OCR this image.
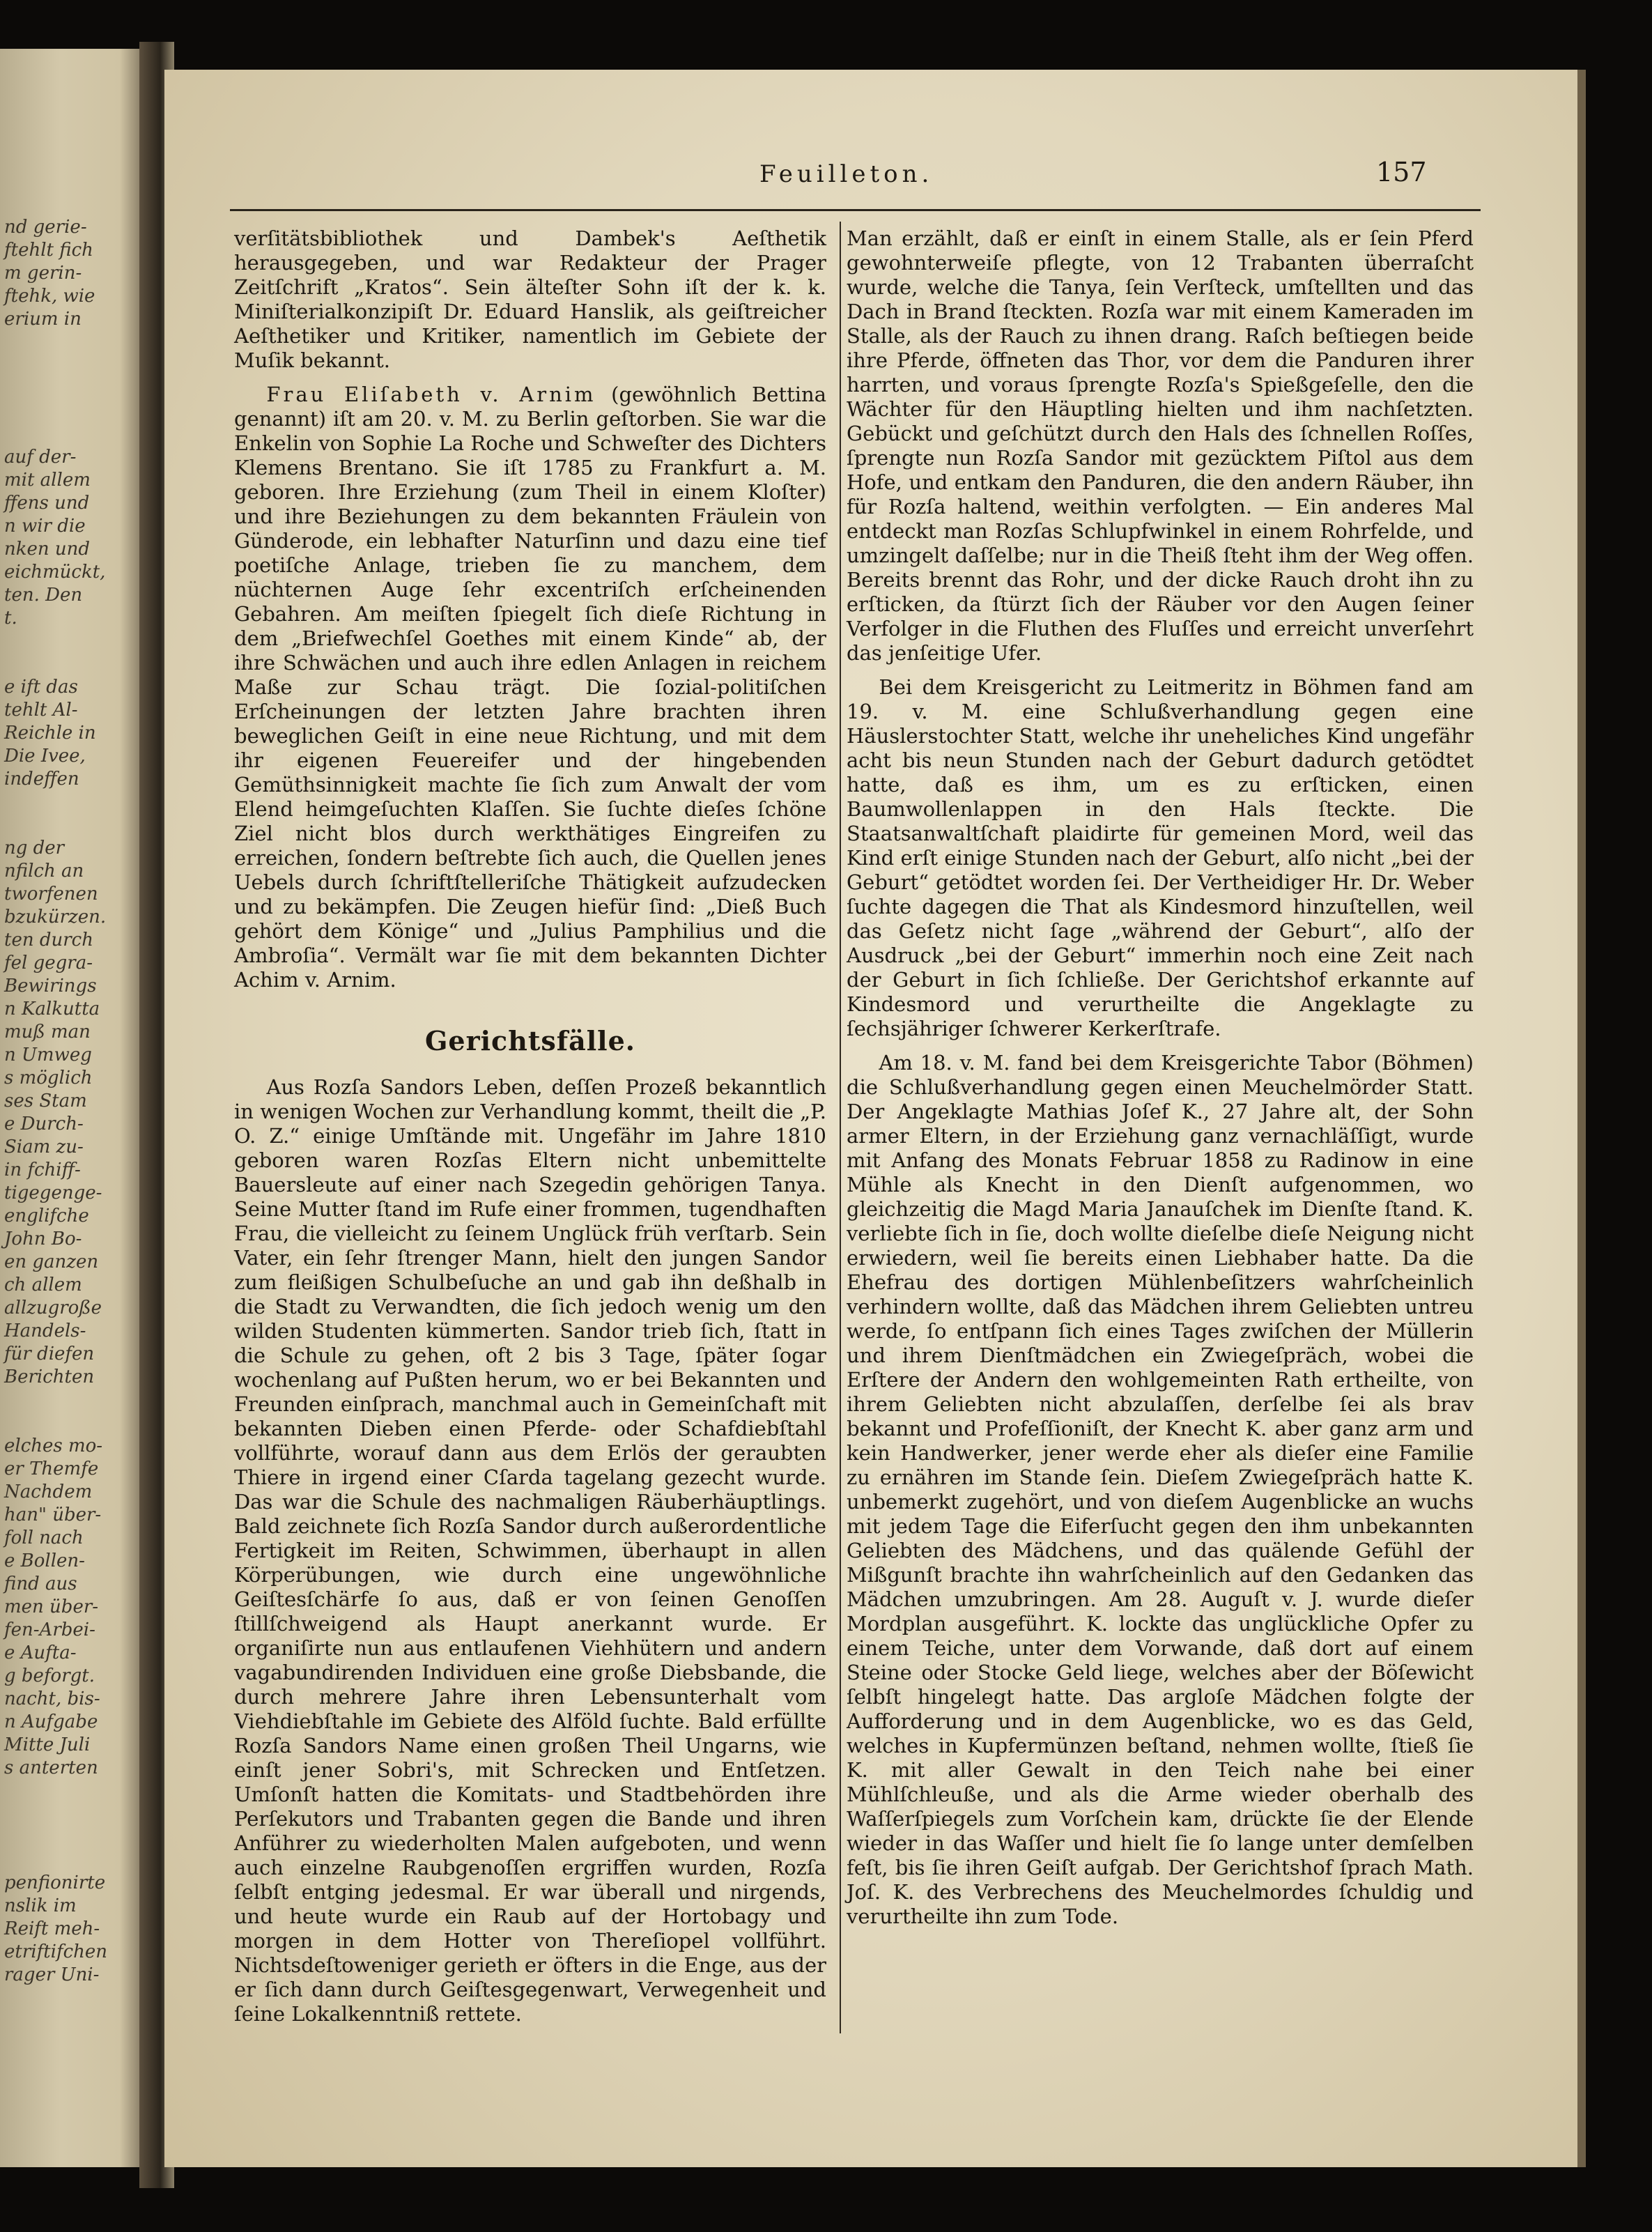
nd gerie-
ftehlt fich
m gerin-
ftehk, wie
erium in
auf der-
mit allem
ffens und
n wir die
nken und
eichmückt,
ten. Den
t.
e ift das
tehlt Al-
Reichle in
Die Ivee,
indeffen
ng der
nfilch an
tworfenen
bzukürzen.
ten durch
fel gegra-
Bewirings
n Kalkutta
muß man
n Umweg
s möglich
ses Stam
e Durch-
Siam zu-
in fchiff-
tigegenge-
englifche
John Bo-
en ganzen
ch allem
allzugroße
Handels-
für diefen
Berichten
elches mo-
er Themfe
Nachdem
han" über-
foll nach
e Bollen-
find aus
men über-
fen-Arbei-
e Aufta-
g beforgt.
nacht, bis-
n Aufgabe
Mitte Juli
s anterten
penfionirte
nslik im
Reift meh-
etriftifchen
rager Uni-
Feuilleton.	157

verſitätsbibliothek und Dambek's Aeſthetik herausgegeben, und war Redakteur der Prager Zeitſchrift „Kratos“. Sein älteſter Sohn iſt der k. k. Miniſterialkonzipiſt Dr. Eduard Hanslik, als geiſtreicher Aeſthetiker und Kritiker, namentlich im Gebiete der Muſik bekannt.

Frau Eliſabeth v. Arnim (gewöhnlich Bettina genannt) iſt am 20. v. M. zu Berlin geſtorben. Sie war die Enkelin von Sophie La Roche und Schweſter des Dichters Klemens Brentano. Sie iſt 1785 zu Frankfurt a. M. geboren. Ihre Erziehung (zum Theil in einem Kloſter) und ihre Beziehungen zu dem bekannten Fräulein von Günderode, ein lebhafter Naturſinn und dazu eine tief poetiſche Anlage, trieben ſie zu manchem, dem nüchternen Auge ſehr excentriſch erſcheinenden Gebahren. Am meiſten ſpiegelt ſich dieſe Richtung in dem „Briefwechſel Goethes mit einem Kinde“ ab, der ihre Schwächen und auch ihre edlen Anlagen in reichem Maße zur Schau trägt. Die ſozial-politiſchen Erſcheinungen der letzten Jahre brachten ihren beweglichen Geiſt in eine neue Richtung, und mit dem ihr eigenen Feuereifer und der hingebenden Gemüthsinnigkeit machte ſie ſich zum Anwalt der vom Elend heimgeſuchten Klaſſen. Sie ſuchte dieſes ſchöne Ziel nicht blos durch werkthätiges Eingreifen zu erreichen, ſondern beſtrebte ſich auch, die Quellen jenes Uebels durch ſchriftſtelleriſche Thätigkeit aufzudecken und zu bekämpfen. Die Zeugen hiefür ſind: „Dieß Buch gehört dem Könige“ und „Julius Pamphilius und die Ambroſia“. Vermält war ſie mit dem bekannten Dichter Achim v. Arnim.

Gerichtsfälle.

Aus Rozſa Sandors Leben, deſſen Prozeß bekanntlich in wenigen Wochen zur Verhandlung kommt, theilt die „P. O. Z.“ einige Umſtände mit. Ungefähr im Jahre 1810 geboren waren Rozſas Eltern nicht unbemittelte Bauersleute auf einer nach Szegedin gehörigen Tanya. Seine Mutter ſtand im Rufe einer frommen, tugendhaften Frau, die vielleicht zu ſeinem Unglück früh verſtarb. Sein Vater, ein ſehr ſtrenger Mann, hielt den jungen Sandor zum fleißigen Schulbeſuche an und gab ihn deßhalb in die Stadt zu Verwandten, die ſich jedoch wenig um den wilden Studenten kümmerten. Sandor trieb ſich, ſtatt in die Schule zu gehen, oft 2 bis 3 Tage, ſpäter ſogar wochenlang auf Pußten herum, wo er bei Bekannten und Freunden einſprach, manchmal auch in Gemeinſchaft mit bekannten Dieben einen Pferde- oder Schafdiebſtahl vollführte, worauf dann aus dem Erlös der geraubten Thiere in irgend einer Cſarda tagelang gezecht wurde. Das war die Schule des nachmaligen Räuberhäuptlings. Bald zeichnete ſich Rozſa Sandor durch außerordentliche Fertigkeit im Reiten, Schwimmen, überhaupt in allen Körperübungen, wie durch eine ungewöhnliche Geiſtesſchärfe ſo aus, daß er von ſeinen Genoſſen ſtillſchweigend als Haupt anerkannt wurde. Er organiſirte nun aus entlaufenen Viehhütern und andern vagabundirenden Individuen eine große Diebsbande, die durch mehrere Jahre ihren Lebensunterhalt vom Viehdiebſtahle im Gebiete des Alföld ſuchte. Bald erfüllte Rozſa Sandors Name einen großen Theil Ungarns, wie einſt jener Sobri's, mit Schrecken und Entſetzen. Umſonſt hatten die Komitats- und Stadtbehörden ihre Perſekutors und Trabanten gegen die Bande und ihren Anführer zu wiederholten Malen aufgeboten, und wenn auch einzelne Raubgenoſſen ergriffen wurden, Rozſa ſelbſt entging jedesmal. Er war überall und nirgends, und heute wurde ein Raub auf der Hortobagy und morgen in dem Hotter von Thereſiopel vollführt. Nichtsdeſtoweniger gerieth er öfters in die Enge, aus der er ſich dann durch Geiſtesgegenwart, Verwegenheit und ſeine Lokalkenntniß rettete.

Man erzählt, daß er einſt in einem Stalle, als er ſein Pferd gewohnterweiſe pflegte, von 12 Trabanten überraſcht wurde, welche die Tanya, ſein Verſteck, umſtellten und das Dach in Brand ſteckten. Rozſa war mit einem Kameraden im Stalle, als der Rauch zu ihnen drang. Raſch beſtiegen beide ihre Pferde, öffneten das Thor, vor dem die Panduren ihrer harrten, und voraus ſprengte Rozſa's Spießgeſelle, den die Wächter für den Häuptling hielten und ihm nachſetzten. Gebückt und geſchützt durch den Hals des ſchnellen Roſſes, ſprengte nun Rozſa Sandor mit gezücktem Piſtol aus dem Hofe, und entkam den Panduren, die den andern Räuber, ihn für Rozſa haltend, weithin verfolgten. — Ein anderes Mal entdeckt man Rozſas Schlupfwinkel in einem Rohrfelde, und umzingelt daſſelbe; nur in die Theiß ſteht ihm der Weg offen. Bereits brennt das Rohr, und der dicke Rauch droht ihn zu erſticken, da ſtürzt ſich der Räuber vor den Augen ſeiner Verfolger in die Fluthen des Fluſſes und erreicht unverſehrt das jenſeitige Ufer.

Bei dem Kreisgericht zu Leitmeritz in Böhmen fand am 19. v. M. eine Schlußverhandlung gegen eine Häuslerstochter Statt, welche ihr uneheliches Kind ungefähr acht bis neun Stunden nach der Geburt dadurch getödtet hatte, daß es ihm, um es zu erſticken, einen Baumwollenlappen in den Hals ſteckte. Die Staatsanwaltſchaft plaidirte für gemeinen Mord, weil das Kind erſt einige Stunden nach der Geburt, alſo nicht „bei der Geburt“ getödtet worden ſei. Der Vertheidiger Hr. Dr. Weber ſuchte dagegen die That als Kindesmord hinzuſtellen, weil das Geſetz nicht ſage „während der Geburt“, alſo der Ausdruck „bei der Geburt“ immerhin noch eine Zeit nach der Geburt in ſich ſchließe. Der Gerichtshof erkannte auf Kindesmord und verurtheilte die Angeklagte zu ſechsjähriger ſchwerer Kerkerſtrafe.

Am 18. v. M. fand bei dem Kreisgerichte Tabor (Böhmen) die Schlußverhandlung gegen einen Meuchelmörder Statt. Der Angeklagte Mathias Joſef K., 27 Jahre alt, der Sohn armer Eltern, in der Erziehung ganz vernachläſſigt, wurde mit Anfang des Monats Februar 1858 zu Radinow in eine Mühle als Knecht in den Dienſt aufgenommen, wo gleichzeitig die Magd Maria Janauſchek im Dienſte ſtand. K. verliebte ſich in ſie, doch wollte dieſelbe dieſe Neigung nicht erwiedern, weil ſie bereits einen Liebhaber hatte. Da die Ehefrau des dortigen Mühlenbeſitzers wahrſcheinlich verhindern wollte, daß das Mädchen ihrem Geliebten untreu werde, ſo entſpann ſich eines Tages zwiſchen der Müllerin und ihrem Dienſtmädchen ein Zwiegeſpräch, wobei die Erſtere der Andern den wohlgemeinten Rath ertheilte, von ihrem Geliebten nicht abzulaſſen, derſelbe ſei als brav bekannt und Profeſſioniſt, der Knecht K. aber ganz arm und kein Handwerker, jener werde eher als dieſer eine Familie zu ernähren im Stande ſein. Dieſem Zwiegeſpräch hatte K. unbemerkt zugehört, und von dieſem Augenblicke an wuchs mit jedem Tage die Eiferſucht gegen den ihm unbekannten Geliebten des Mädchens, und das quälende Gefühl der Mißgunſt brachte ihn wahrſcheinlich auf den Gedanken das Mädchen umzubringen. Am 28. Auguſt v. J. wurde dieſer Mordplan ausgeführt. K. lockte das unglückliche Opfer zu einem Teiche, unter dem Vorwande, daß dort auf einem Steine oder Stocke Geld liege, welches aber der Böſewicht ſelbſt hingelegt hatte. Das argloſe Mädchen folgte der Aufforderung und in dem Augenblicke, wo es das Geld, welches in Kupfermünzen beſtand, nehmen wollte, ſtieß ſie K. mit aller Gewalt in den Teich nahe bei einer Mühlſchleuße, und als die Arme wieder oberhalb des Waſſerſpiegels zum Vorſchein kam, drückte ſie der Elende wieder in das Waſſer und hielt ſie ſo lange unter demſelben feſt, bis ſie ihren Geiſt aufgab. Der Gerichtshof ſprach Math. Joſ. K. des Verbrechens des Meuchelmordes ſchuldig und verurtheilte ihn zum Tode.
